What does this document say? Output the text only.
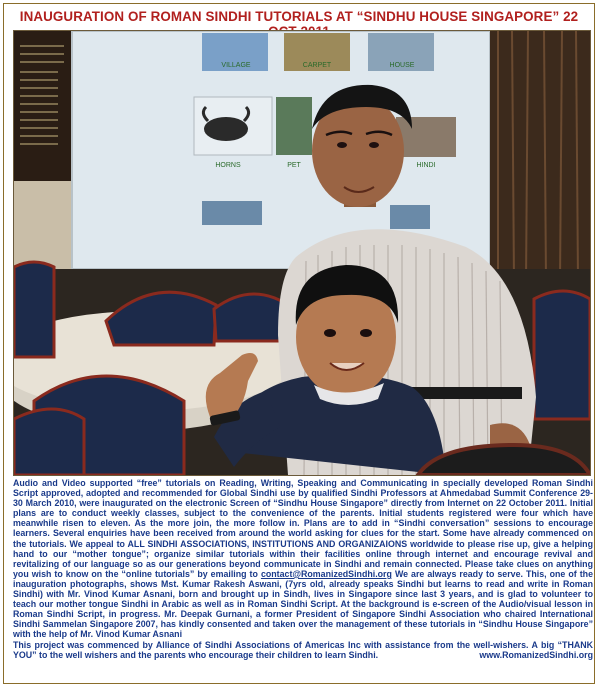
INAUGURATION OF ROMAN SINDHI TUTORIALS AT “SINDHU HOUSE SINGAPORE” 22
VILLAGE	CARPET	HOUSE
HORNS	PET	HINDI

Audio and Video supported “free” tutorials on Reading, Writing, Speaking and Communicating in specially developed Roman Sindhi Script approved, adopted and recommended for Global Sindhi use by qualified Sindhi Professors at Ahmedabad Summit Conference 29-30 March 2010, were inaugurated on the electronic Screen of “Sindhu House Singapore” directly from Internet on 22 October 2011. Initial plans are to conduct weekly classes, subject to the convenience of the parents. Initial students registered were four which have meanwhile risen to eleven. As the more join, the more follow in. Plans are to add in “Sindhi conversation” sessions to encourage learners. Several enquiries have been received from around the world asking for clues for the start. Some have already commenced on the tutorials. We appeal to ALL SINDHI ASSOCIATIONS, INSTITUTIONS AND ORGANIZAIONS worldwide to please rise up, give a helping hand to our “mother tongue”; organize similar tutorials within their facilities online through internet and encourage revival and revitalizing of our language so as our generations beyond communicate in Sindhi and remain connected. Please take clues on anything you wish to know on the “online tutorials” by emailing to contact@RomanizedSindhi.org We are always ready to serve. This, one of the inauguration photographs, shows Mst. Kumar Rakesh Aswani, (7yrs old, already speaks Sindhi but learns to read and write in Roman Sindhi) with Mr. Vinod Kumar Asnani, born and brought up in Sindh, lives in Singapore since last 3 years, and is glad to volunteer to teach our mother tongue Sindhi in Arabic as well as in Roman Sindhi Script. At the background is e-screen of the Audio/visual lesson in Roman Sindhi Script, in progress. Mr. Deepak Gurnani, a former President of Singapore Sindhi Association who chaired International Sindhi Sammelan Singapore 2007, has kindly consented and taken over the management of these tutorials in “Sindhu House Singapore” with the help of Mr. Vinod Kumar Asnani

This project was commenced by Alliance of Sindhi Associations of Americas Inc with assistance from the well-wishers. A big “THANK YOU” to the well wishers and the parents who encourage their children to learn Sindhi.	www.RomanizedSindhi.org
